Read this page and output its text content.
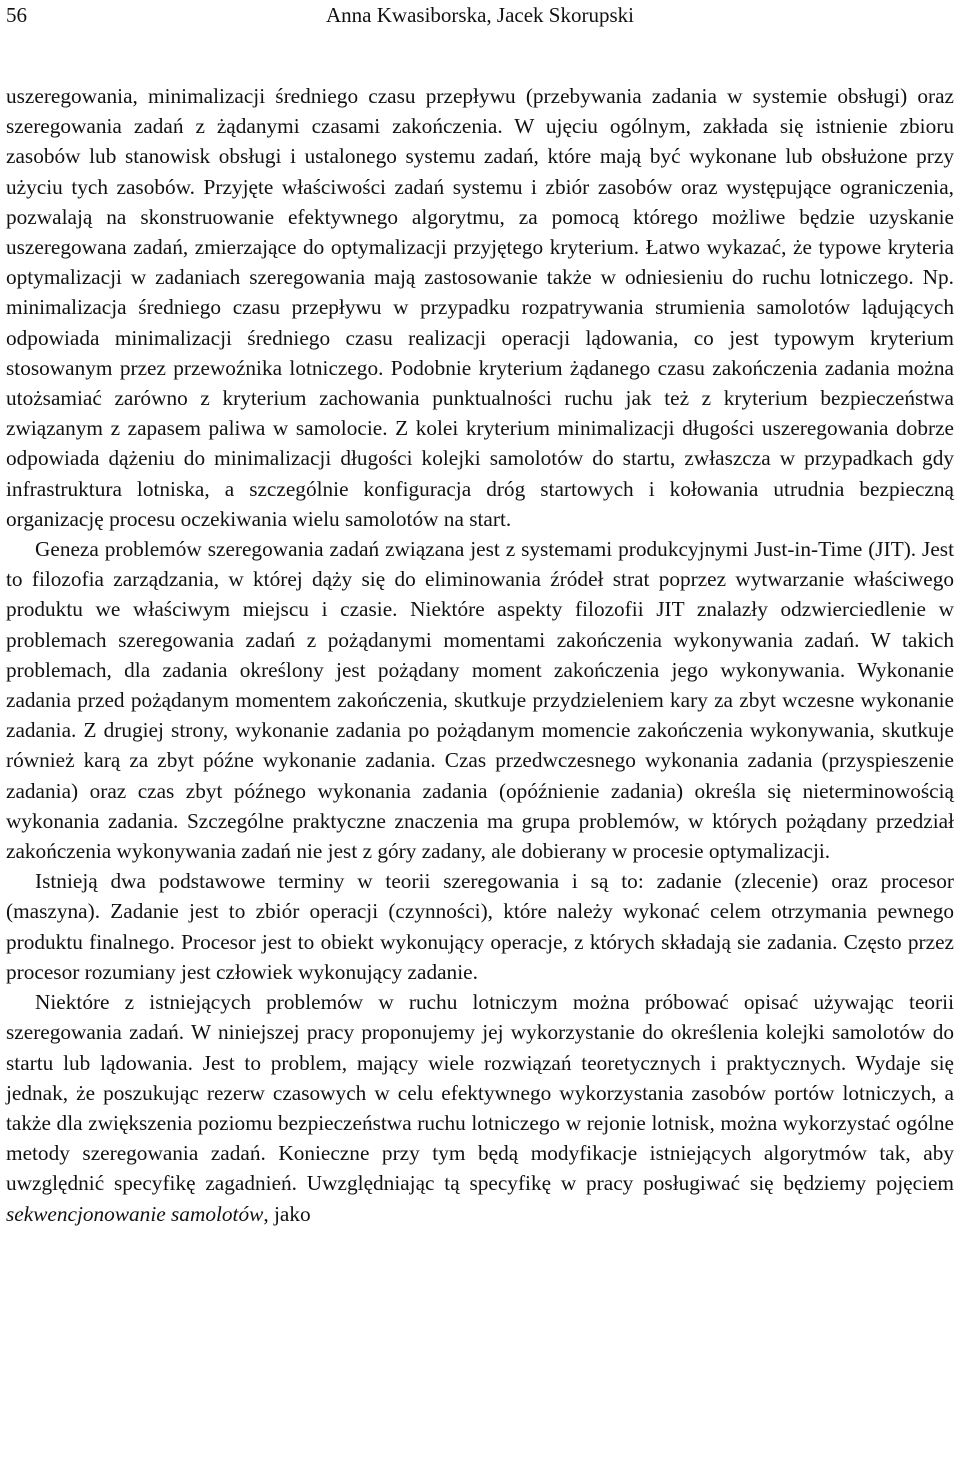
56	Anna Kwasiborska, Jacek Skorupski

uszeregowania, minimalizacji średniego czasu przepływu (przebywania zadania w systemie obsługi) oraz szeregowania zadań z żądanymi czasami zakończenia. W ujęciu ogólnym, zakłada się istnienie zbioru zasobów lub stanowisk obsługi i ustalonego systemu zadań, które mają być wykonane lub obsłużone przy użyciu tych zasobów. Przyjęte właściwości zadań systemu i zbiór zasobów oraz występujące ograniczenia, pozwalają na skonstruowanie efektywnego algorytmu, za pomocą którego możliwe będzie uzyskanie uszeregowana zadań, zmierzające do optymalizacji przyjętego kryterium. Łatwo wykazać, że typowe kryteria optymalizacji w zadaniach szeregowania mają zastosowanie także w odniesieniu do ruchu lotniczego. Np. minimalizacja średniego czasu przepływu w przypadku rozpatrywania strumienia samolotów lądujących odpowiada minimalizacji średniego czasu realizacji operacji lądowania, co jest typowym kryterium stosowanym przez przewoźnika lotniczego. Podobnie kryterium żądanego czasu zakończenia zadania można utożsamiać zarówno z kryterium zachowania punktualności ruchu jak też z kryterium bezpieczeństwa związanym z zapasem paliwa w samolocie. Z kolei kryterium minimalizacji długości uszeregowania dobrze odpowiada dążeniu do minimalizacji długości kolejki samolotów do startu, zwłaszcza w przypadkach gdy infrastruktura lotniska, a szczególnie konfiguracja dróg startowych i kołowania utrudnia bezpieczną organizację procesu oczekiwania wielu samolotów na start.

Geneza problemów szeregowania zadań związana jest z systemami produkcyjnymi Just-in-Time (JIT). Jest to filozofia zarządzania, w której dąży się do eliminowania źródeł strat poprzez wytwarzanie właściwego produktu we właściwym miejscu i czasie. Niektóre aspekty filozofii JIT znalazły odzwierciedlenie w problemach szeregowania zadań z pożądanymi momentami zakończenia wykonywania zadań. W takich problemach, dla zadania określony jest pożądany moment zakończenia jego wykonywania. Wykonanie zadania przed pożądanym momentem zakończenia, skutkuje przydzieleniem kary za zbyt wczesne wykonanie zadania. Z drugiej strony, wykonanie zadania po pożądanym momencie zakończenia wykonywania, skutkuje również karą za zbyt późne wykonanie zadania. Czas przedwczesnego wykonania zadania (przyspieszenie zadania) oraz czas zbyt późnego wykonania zadania (opóźnienie zadania) określa się nieterminowością wykonania zadania. Szczególne praktyczne znaczenia ma grupa problemów, w których pożądany przedział zakończenia wykonywania zadań nie jest z góry zadany, ale dobierany w procesie optymalizacji.

Istnieją dwa podstawowe terminy w teorii szeregowania i są to: zadanie (zlecenie) oraz procesor (maszyna). Zadanie jest to zbiór operacji (czynności), które należy wykonać celem otrzymania pewnego produktu finalnego. Procesor jest to obiekt wykonujący operacje, z których składają sie zadania. Często przez procesor rozumiany jest człowiek wykonujący zadanie.

Niektóre z istniejących problemów w ruchu lotniczym można próbować opisać używając teorii szeregowania zadań. W niniejszej pracy proponujemy jej wykorzystanie do określenia kolejki samolotów do startu lub lądowania. Jest to problem, mający wiele rozwiązań teoretycznych i praktycznych. Wydaje się jednak, że poszukując rezerw czasowych w celu efektywnego wykorzystania zasobów portów lotniczych, a także dla zwiększenia poziomu bezpieczeństwa ruchu lotniczego w rejonie lotnisk, można wykorzystać ogólne metody szeregowania zadań. Konieczne przy tym będą modyfikacje istniejących algorytmów tak, aby uwzględnić specyfikę zagadnień. Uwzględniając tą specyfikę w pracy posługiwać się będziemy pojęciem sekwencjonowanie samolotów, jako
